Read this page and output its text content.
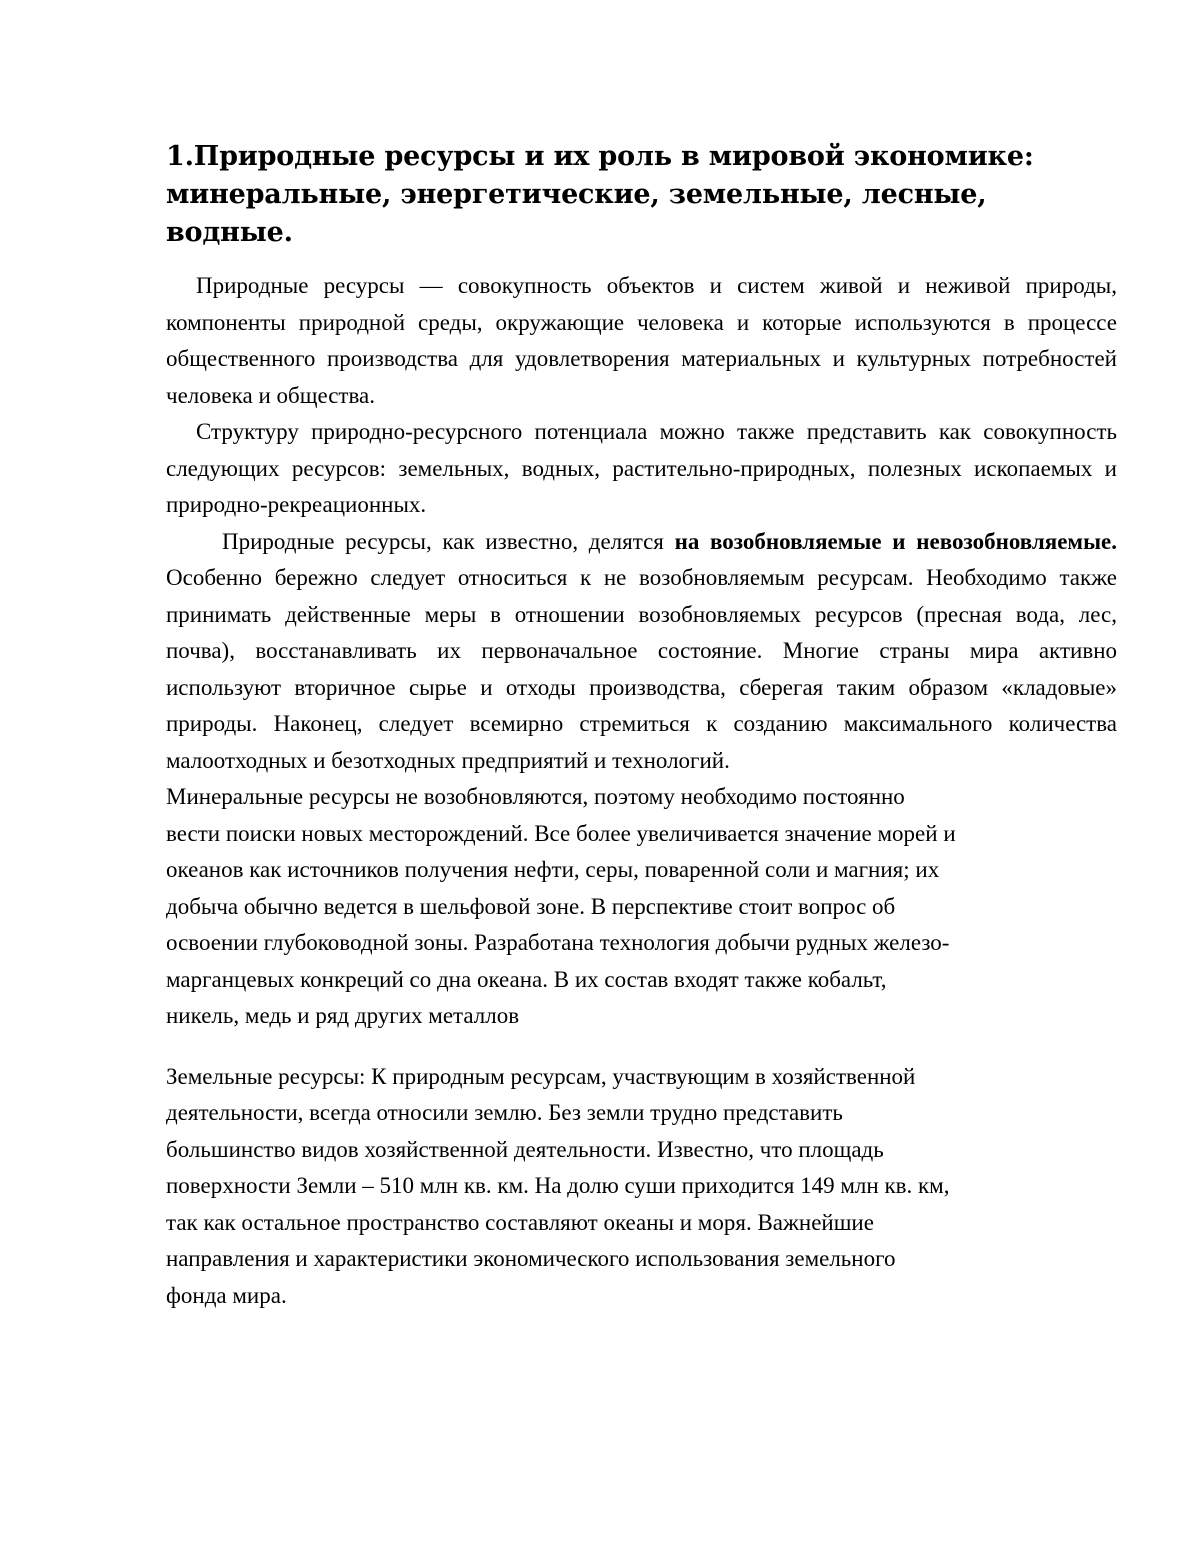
1.Природные ресурсы и их роль в мировой экономике:
минеральные, энергетические, земельные, лесные, водные.

Природные ресурсы — совокупность объектов и систем живой и неживой природы, компоненты природной среды, окружающие человека и которые используются в процессе общественного производства для удовлетворения материальных и культурных потребностей человека и общества.

Структуру природно-ресурсного потенциала можно также представить как совокупность следующих ресурсов: земельных, водных, растительно-природных, полезных ископаемых и природно-рекреационных.

Природные ресурсы, как известно, делятся на возобновляемые и невозобновляемые. Особенно бережно следует относиться к не возобновляемым ресурсам. Необходимо также принимать действенные меры в отношении возобновляемых ресурсов (пресная вода, лес, почва), восстанавливать их первоначальное состояние. Многие страны мира активно используют вторичное сырье и отходы производства, сберегая таким образом «кладовые» природы. Наконец, следует всемирно стремиться к созданию максимального количества малоотходных и безотходных предприятий и технологий.

Минеральные ресурсы не возобновляются, поэтому необходимо постоянно
вести поиски новых месторождений. Все более увеличивается значение морей и
океанов как источников получения нефти, серы, поваренной соли и магния; их
добыча обычно ведется в шельфовой зоне. В перспективе стоит вопрос об
освоении глубоководной зоны. Разработана технология добычи рудных железо-
марганцевых конкреций со дна океана. В их состав входят также кобальт,
никель, медь и ряд других металлов
Земельные ресурсы: К природным ресурсам, участвующим в хозяйственной
деятельности, всегда относили землю. Без земли трудно представить
большинство видов хозяйственной деятельности. Известно, что площадь
поверхности Земли – 510 млн кв. км. На долю суши приходится 149 млн кв. км,
так как остальное пространство составляют океаны и моря. Важнейшие
направления и характеристики экономического использования земельного
фонда мира.
